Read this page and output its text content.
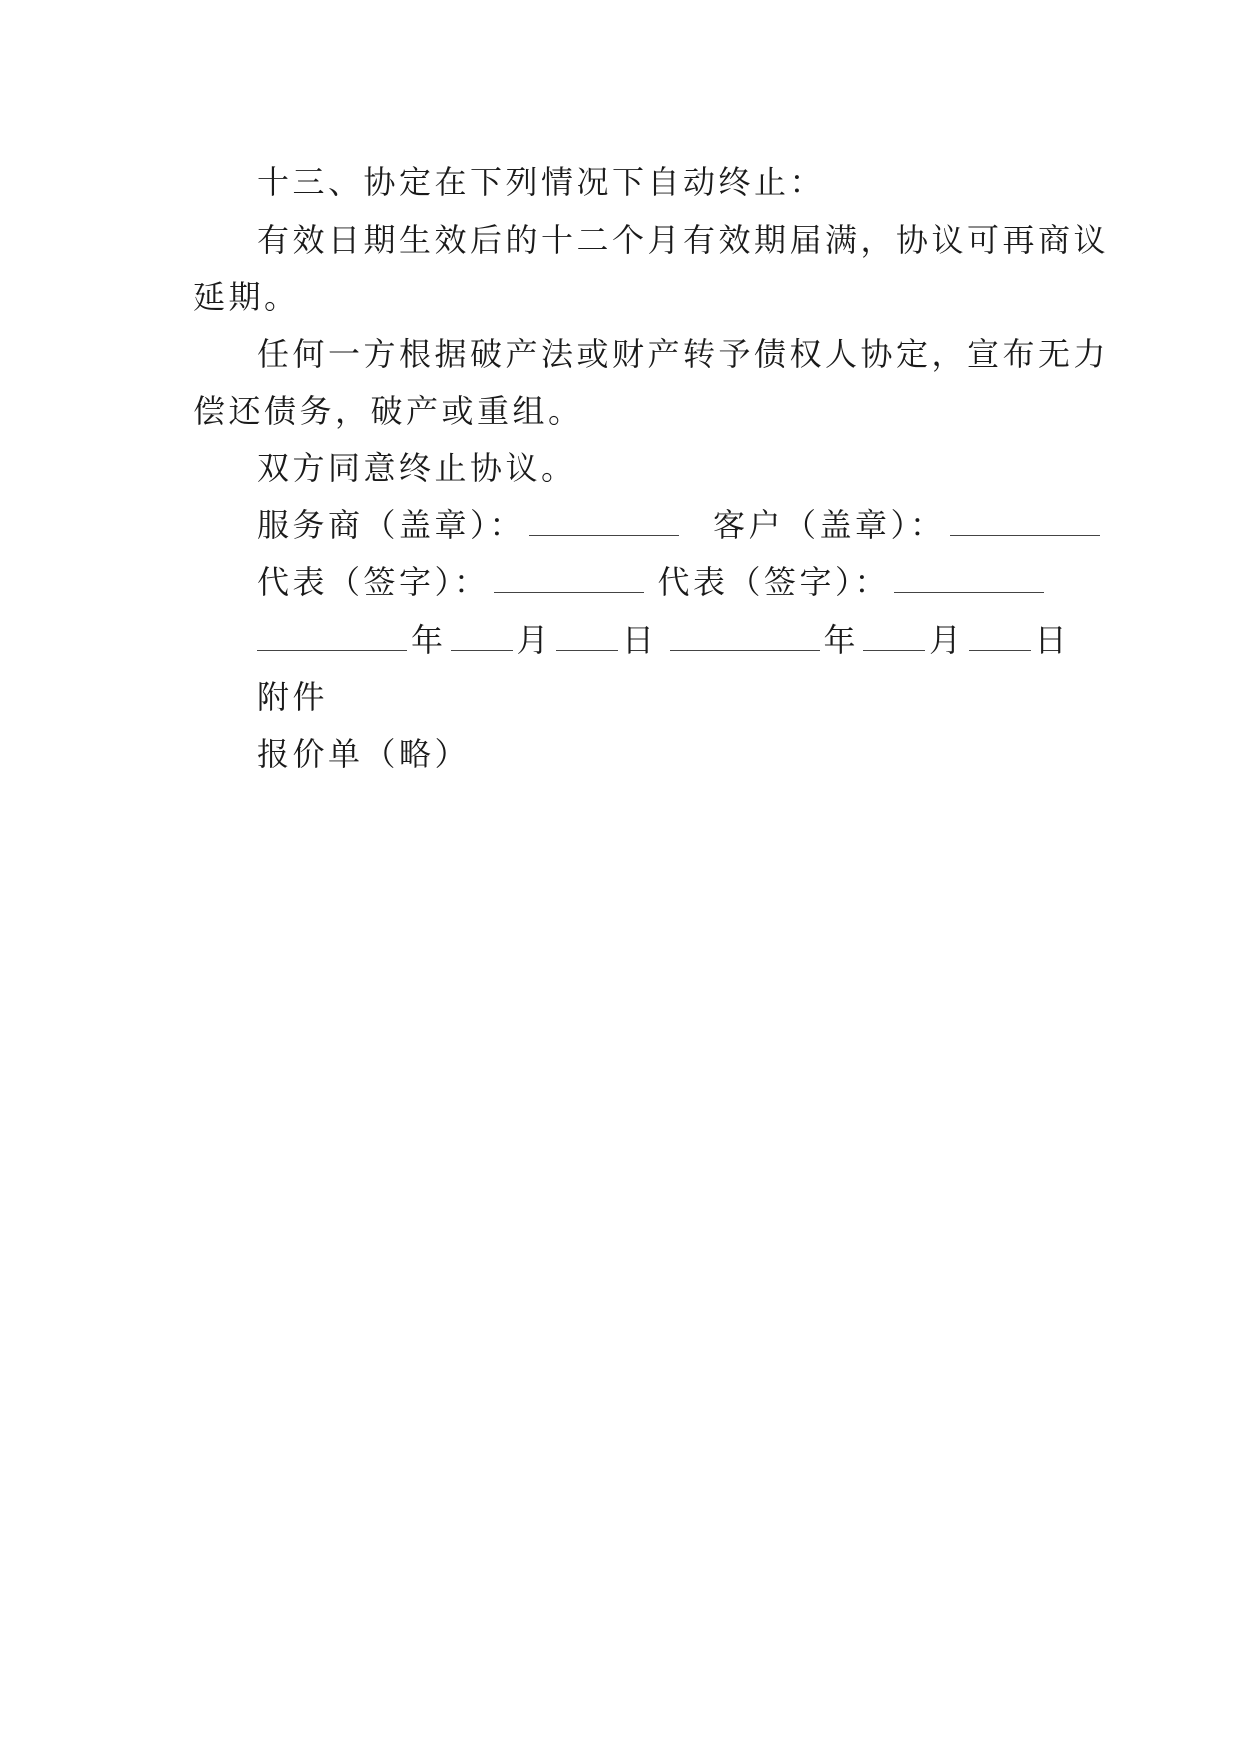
十三、协定在下列情况下自动终止：
有效日期生效后的十二个月有效期届满，协议可再商议
延期。
任何一方根据破产法或财产转予债权人协定，宣布无力
偿还债务，破产或重组。
双方同意终止协议。
服务商（盖章）：	客户（盖章）：
代表（签字）：	代表（签字）：
年 月 日	年 月 日
附件
报价单（略）
